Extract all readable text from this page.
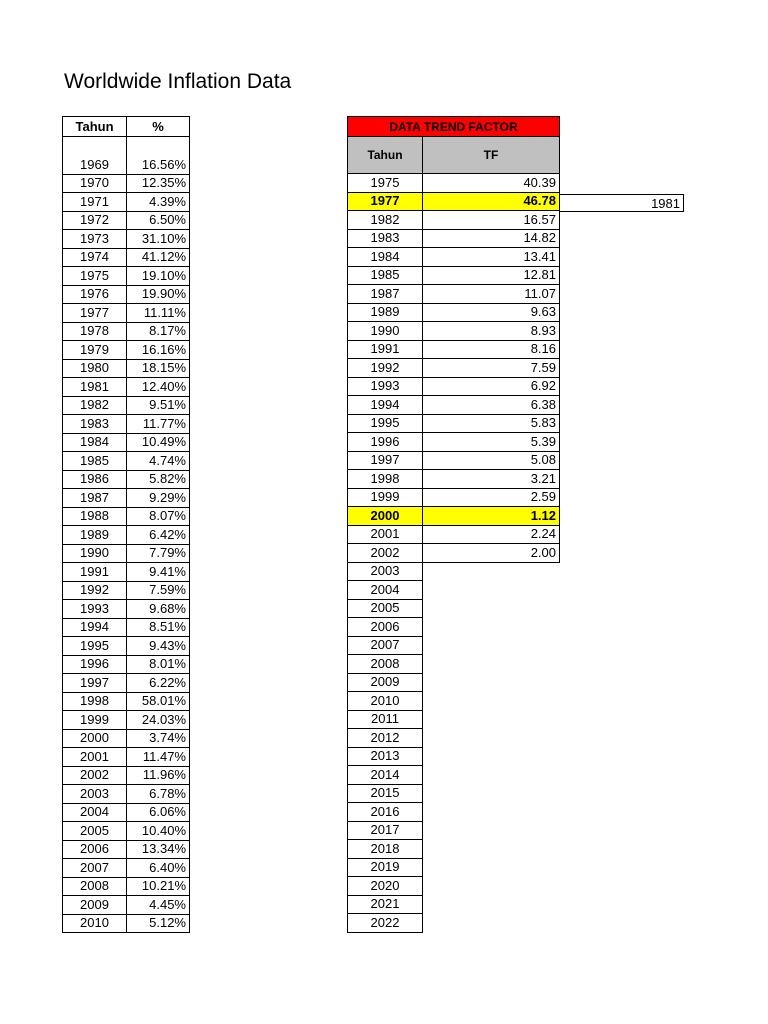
Worldwide Inflation Data
Tahun	%

1969	16.56%
1970	12.35%
1971	4.39%
1972	6.50%
1973	31.10%
1974	41.12%
1975	19.10%
1976	19.90%
1977	11.11%
1978	8.17%
1979	16.16%
1980	18.15%
1981	12.40%
1982	9.51%
1983	11.77%
1984	10.49%
1985	4.74%
1986	5.82%
1987	9.29%
1988	8.07%
1989	6.42%
1990	7.79%
1991	9.41%
1992	7.59%
1993	9.68%
1994	8.51%
1995	9.43%
1996	8.01%
1997	6.22%
1998	58.01%
1999	24.03%
2000	3.74%
2001	11.47%
2002	11.96%
2003	6.78%
2004	6.06%
2005	10.40%
2006	13.34%
2007	6.40%
2008	10.21%
2009	4.45%
2010	5.12%
DATA TREND FACTOR	
Tahun	TF
1975	40.39
1977	46.78
1982	16.57
1983	14.82
1984	13.41
1985	12.81
1987	11.07
1989	9.63
1990	8.93
1991	8.16
1992	7.59
1993	6.92
1994	6.38
1995	5.83
1996	5.39
1997	5.08
1998	3.21
1999	2.59
2000	1.12
2001	2.24
2002	2.00
2003	
2004	
2005	
2006	
2007	
2008	
2009	
2010	
2011	
2012	
2013	
2014	
2015	
2016	
2017	
2018	
2019	
2020	
2021	
2022	
1981
